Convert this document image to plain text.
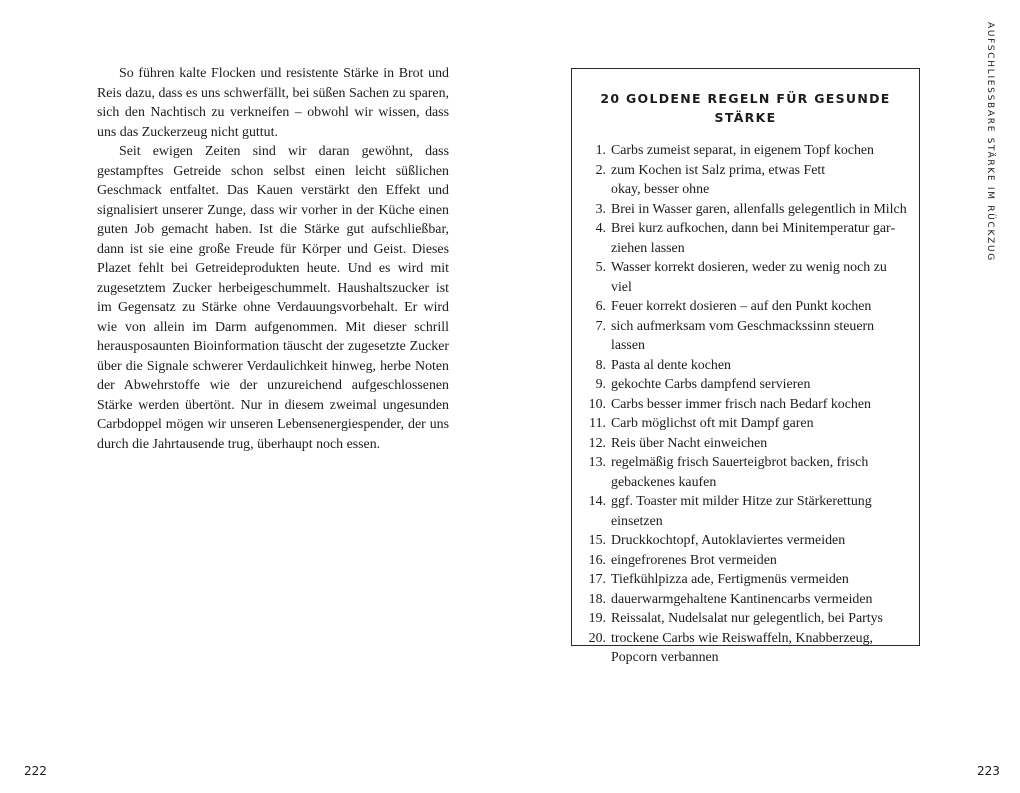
So führen kalte Flocken und resistente Stärke in Brot und Reis dazu, dass es uns schwerfällt, bei süßen Sachen zu sparen, sich den Nachtisch zu verkneifen – obwohl wir wissen, dass uns das Zuckerzeug nicht guttut.

Seit ewigen Zeiten sind wir daran gewöhnt, dass gestampftes Getreide schon selbst einen leicht süßlichen Geschmack entfaltet. Das Kauen verstärkt den Effekt und signalisiert unserer Zunge, dass wir vorher in der Küche einen guten Job gemacht haben. Ist die Stärke gut aufschließbar, dann ist sie eine große Freude für Körper und Geist. Dieses Plazet fehlt bei Getreideprodukten heute. Und es wird mit zugesetztem Zucker herbeigeschummelt. Haushaltszucker ist im Gegensatz zu Stärke ohne Verdauungsvorbehalt. Er wird wie von allein im Darm aufgenommen. Mit dieser schrill herausposaunten Bioinformation täuscht der zugesetzte Zucker über die Signale schwerer Verdaulichkeit hinweg, herbe Noten der Abwehrstoffe wie der unzureichend aufgeschlossenen Stärke werden übertönt. Nur in diesem zweimal ungesunden Carbdoppel mögen wir unseren Lebensenergiespender, der uns durch die Jahrtausende trug, überhaupt noch essen.

20 GOLDENE REGELN FÜR GESUNDE STÄRKE
1. Carbs zumeist separat, in eigenem Topf kochen
2. zum Kochen ist Salz prima, etwas Fett okay, besser ohne
3. Brei in Wasser garen, allenfalls gelegentlich in Milch
4. Brei kurz aufkochen, dann bei Minitemperatur garziehen lassen
5. Wasser korrekt dosieren, weder zu wenig noch zu viel
6. Feuer korrekt dosieren – auf den Punkt kochen
7. sich aufmerksam vom Geschmackssinn steuern lassen
8. Pasta al dente kochen
9. gekochte Carbs dampfend servieren
10. Carbs besser immer frisch nach Bedarf kochen
11. Carb möglichst oft mit Dampf garen
12. Reis über Nacht einweichen
13. regelmäßig frisch Sauerteigbrot backen, frisch gebackenes kaufen
14. ggf. Toaster mit milder Hitze zur Stärkerettung einsetzen
15. Druckkochtopf, Autoklaviertes vermeiden
16. eingefrorenes Brot vermeiden
17. Tiefkühlpizza ade, Fertigmenüs vermeiden
18. dauerwarmgehaltene Kantinencarbs vermeiden
19. Reissalat, Nudelsalat nur gelegentlich, bei Partys
20. trockene Carbs wie Reiswaffeln, Knabberzeug, Popcorn verbannen
AUFSCHLIESSBARE STÄRKE IM RÜCKZUG
222	223
